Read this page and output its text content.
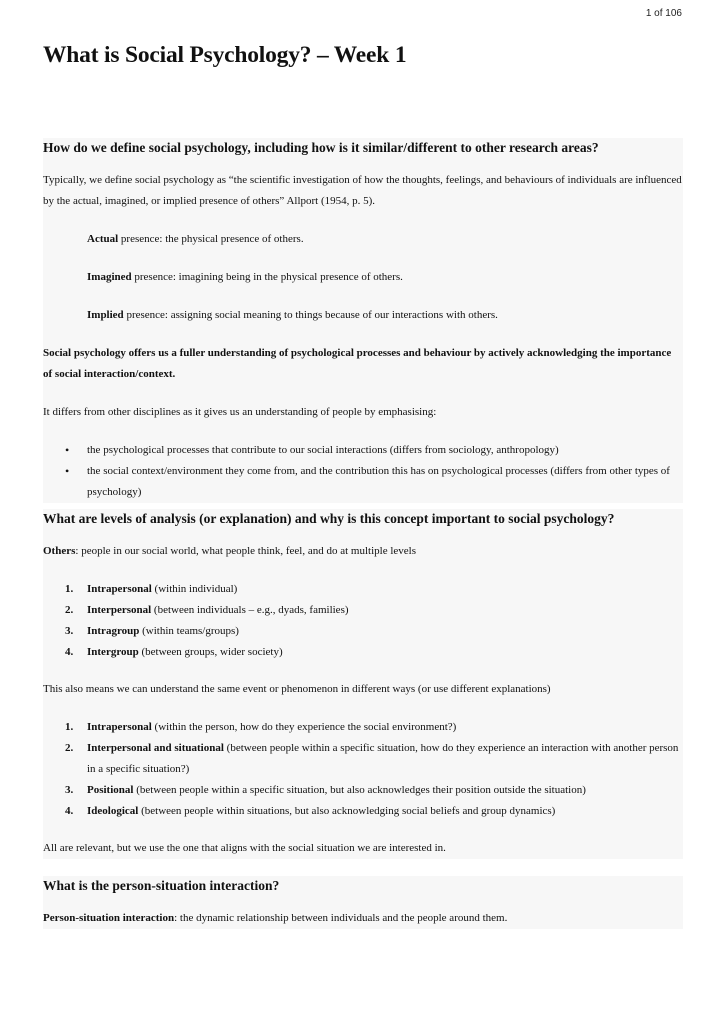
1 of 106
What is Social Psychology? – Week 1
How do we define social psychology, including how is it similar/different to other research areas?

Typically, we define social psychology as “the scientific investigation of how the thoughts, feelings, and behaviours of individuals are influenced by the actual, imagined, or implied presence of others” Allport (1954, p. 5).

Actual presence: the physical presence of others.

Imagined presence: imagining being in the physical presence of others.

Implied presence: assigning social meaning to things because of our interactions with others.

Social psychology offers us a fuller understanding of psychological processes and behaviour by actively acknowledging the importance of social interaction/context.

It differs from other disciplines as it gives us an understanding of people by emphasising:

• the psychological processes that contribute to our social interactions (differs from sociology, anthropology)
• the social context/environment they come from, and the contribution this has on psychological processes (differs from other types of psychology)
What are levels of analysis (or explanation) and why is this concept important to social psychology?

Others: people in our social world, what people think, feel, and do at multiple levels

1. Intrapersonal (within individual)
2. Interpersonal (between individuals – e.g., dyads, families)
3. Intragroup (within teams/groups)
4. Intergroup (between groups, wider society)

This also means we can understand the same event or phenomenon in different ways (or use different explanations)

1. Intrapersonal (within the person, how do they experience the social environment?)
2. Interpersonal and situational (between people within a specific situation, how do they experience an interaction with another person in a specific situation?)
3. Positional (between people within a specific situation, but also acknowledges their position outside the situation)
4. Ideological (between people within situations, but also acknowledging social beliefs and group dynamics)

All are relevant, but we use the one that aligns with the social situation we are interested in.

What is the person-situation interaction?

Person-situation interaction: the dynamic relationship between individuals and the people around them.
